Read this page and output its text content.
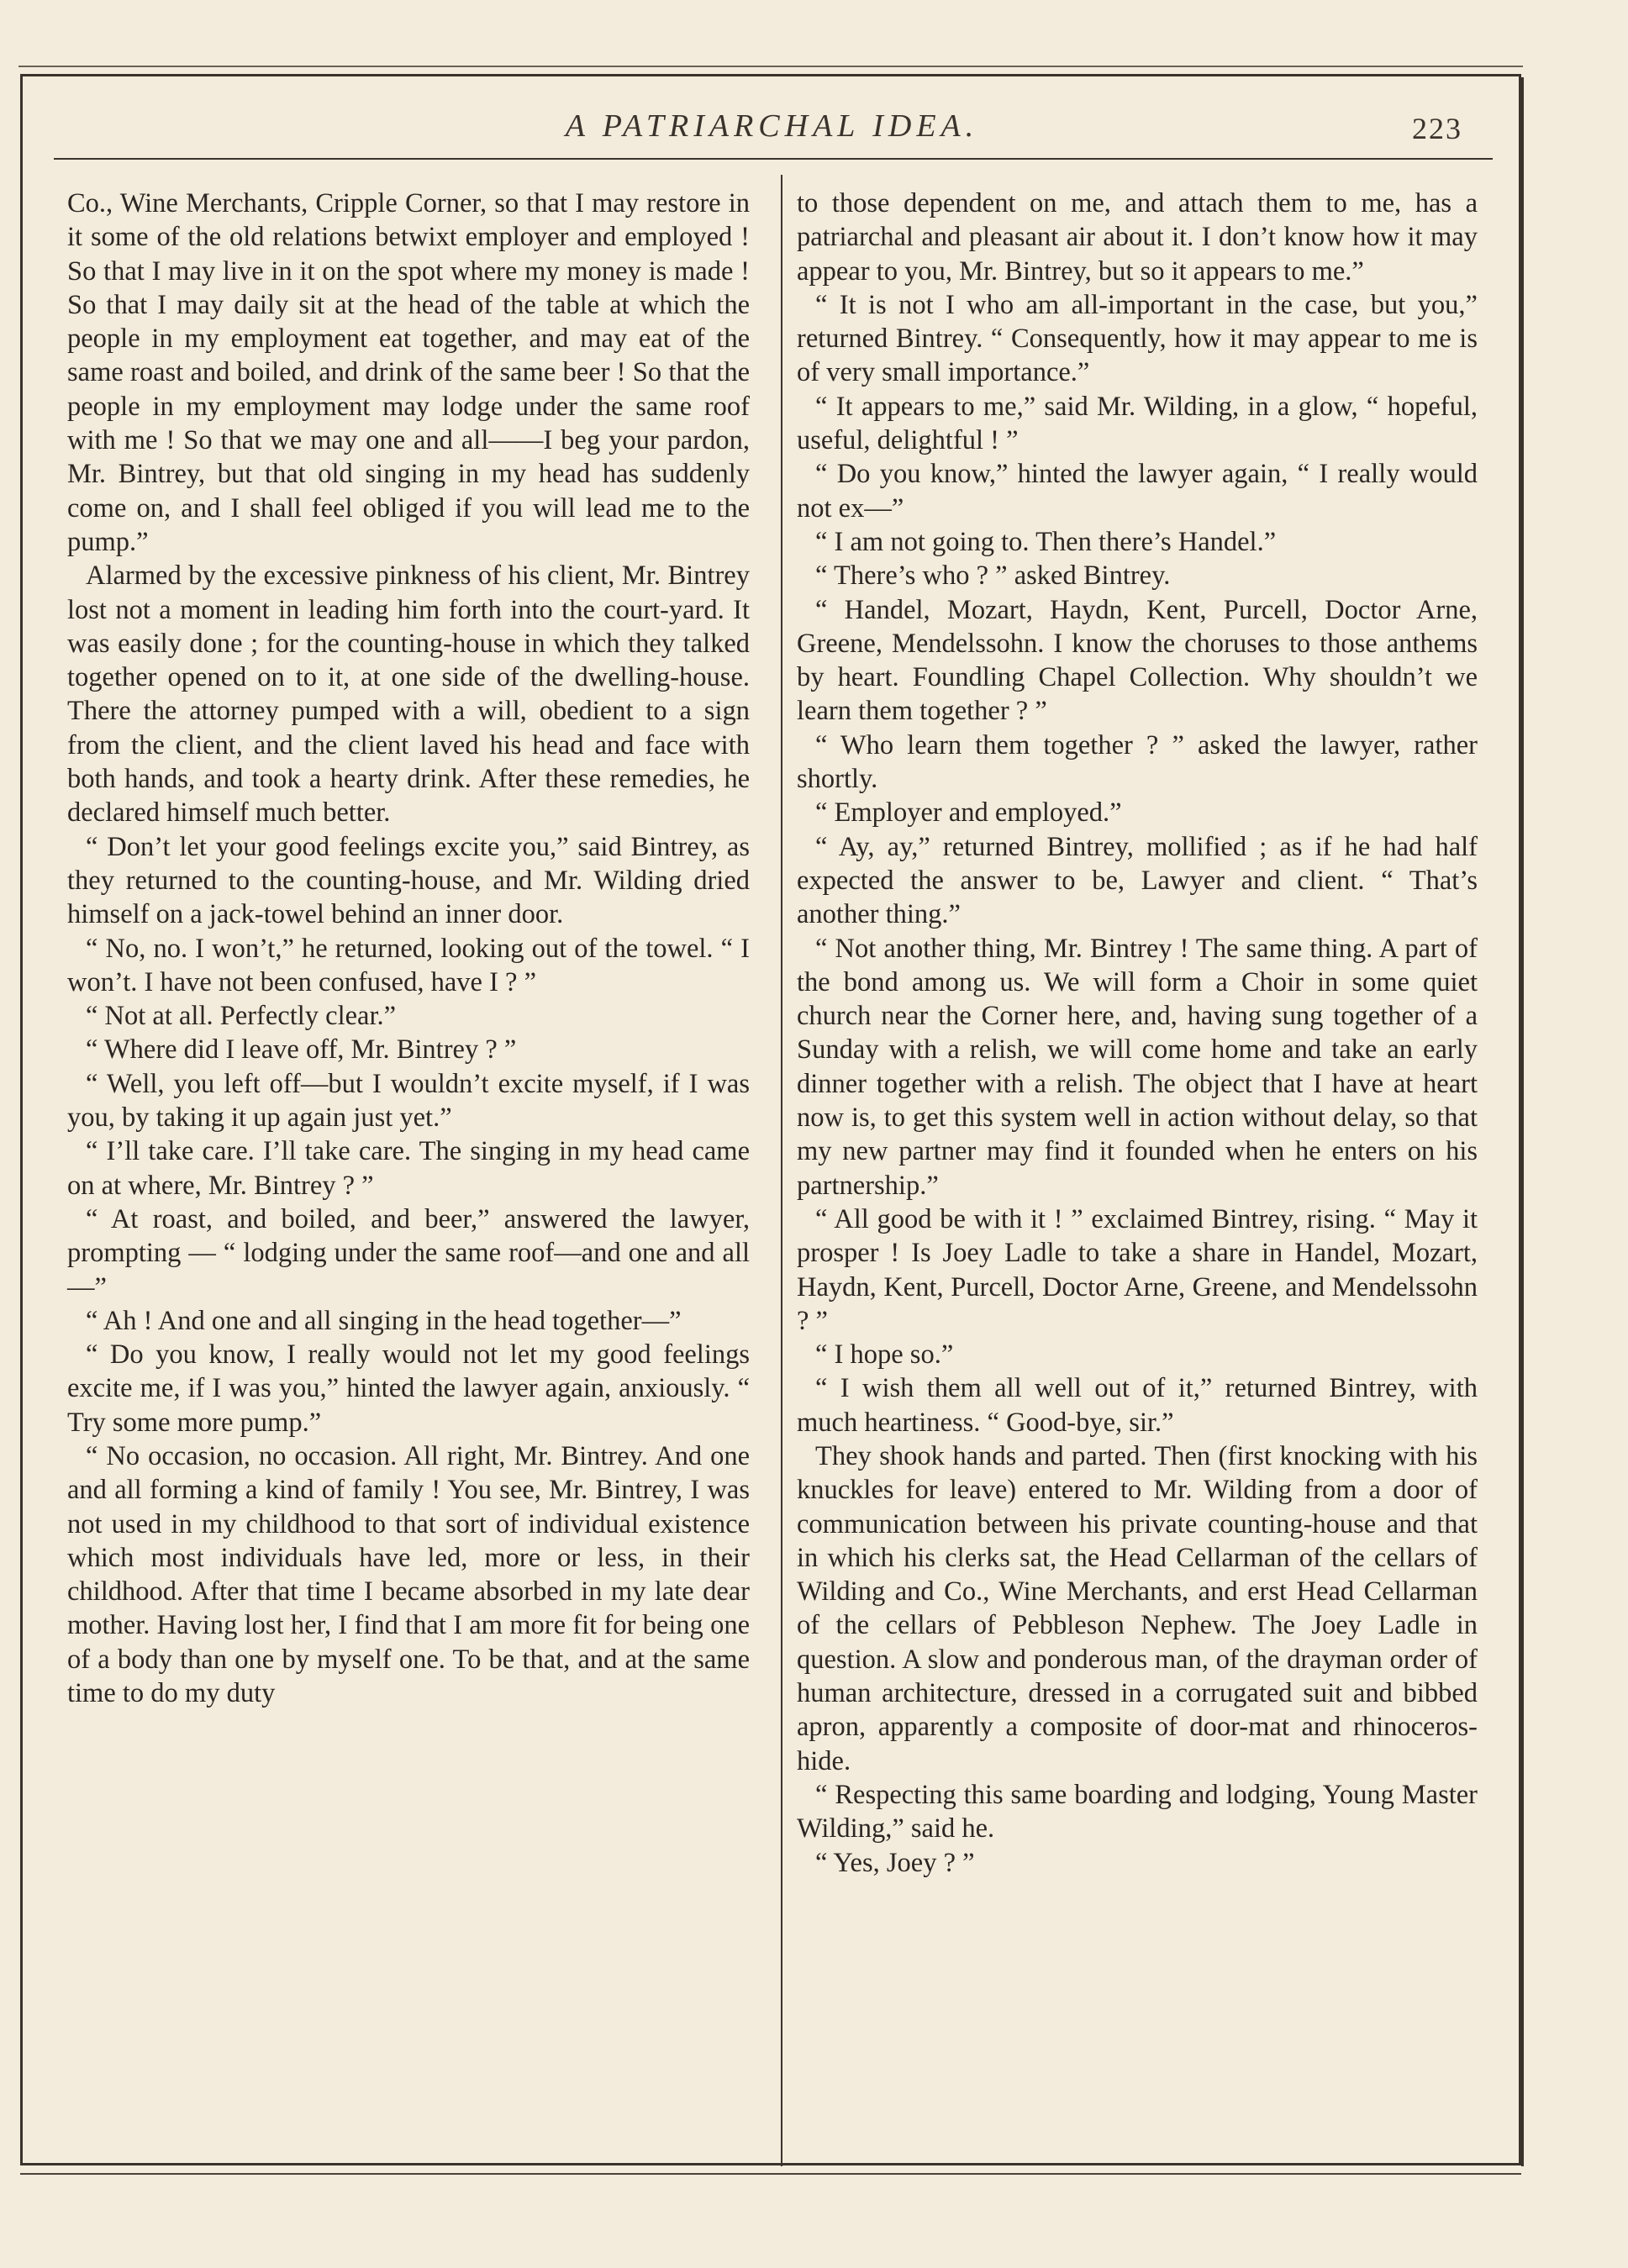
A PATRIARCHAL IDEA.	223

Co., Wine Merchants, Cripple Corner, so that I may restore in it some of the old relations betwixt employer and employed ! So that I may live in it on the spot where my money is made ! So that I may daily sit at the head of the table at which the people in my employment eat together, and may eat of the same roast and boiled, and drink of the same beer ! So that the people in my employment may lodge under the same roof with me ! So that we may one and all——I beg your pardon, Mr. Bintrey, but that old singing in my head has suddenly come on, and I shall feel obliged if you will lead me to the pump.”

Alarmed by the excessive pinkness of his client, Mr. Bintrey lost not a moment in leading him forth into the court-yard. It was easily done ; for the counting-house in which they talked together opened on to it, at one side of the dwelling-house. There the attorney pumped with a will, obedient to a sign from the client, and the client laved his head and face with both hands, and took a hearty drink. After these remedies, he declared himself much better.

“ Don’t let your good feelings excite you,” said Bintrey, as they returned to the counting-house, and Mr. Wilding dried himself on a jack-towel behind an inner door.

“ No, no. I won’t,” he returned, looking out of the towel. “ I won’t. I have not been confused, have I ? ”

“ Not at all. Perfectly clear.”

“ Where did I leave off, Mr. Bintrey ? ”

“ Well, you left off—but I wouldn’t excite myself, if I was you, by taking it up again just yet.”

“ I’ll take care. I’ll take care. The singing in my head came on at where, Mr. Bintrey ? ”

“ At roast, and boiled, and beer,” answered the lawyer, prompting — “ lodging under the same roof—and one and all—”

“ Ah ! And one and all singing in the head together—”

“ Do you know, I really would not let my good feelings excite me, if I was you,” hinted the lawyer again, anxiously. “ Try some more pump.”

“ No occasion, no occasion. All right, Mr. Bintrey. And one and all forming a kind of family ! You see, Mr. Bintrey, I was not used in my childhood to that sort of individual existence which most individuals have led, more or less, in their childhood. After that time I became absorbed in my late dear mother. Having lost her, I find that I am more fit for being one of a body than one by myself one. To be that, and at the same time to do my duty

to those dependent on me, and attach them to me, has a patriarchal and pleasant air about it. I don’t know how it may appear to you, Mr. Bintrey, but so it appears to me.”

“ It is not I who am all-important in the case, but you,” returned Bintrey. “ Consequently, how it may appear to me is of very small importance.”

“ It appears to me,” said Mr. Wilding, in a glow, “ hopeful, useful, delightful ! ”

“ Do you know,” hinted the lawyer again, “ I really would not ex—”

“ I am not going to. Then there’s Handel.”

“ There’s who ? ” asked Bintrey.

“ Handel, Mozart, Haydn, Kent, Purcell, Doctor Arne, Greene, Mendelssohn. I know the choruses to those anthems by heart. Foundling Chapel Collection. Why shouldn’t we learn them together ? ”

“ Who learn them together ? ” asked the lawyer, rather shortly.

“ Employer and employed.”

“ Ay, ay,” returned Bintrey, mollified ; as if he had half expected the answer to be, Lawyer and client. “ That’s another thing.”

“ Not another thing, Mr. Bintrey ! The same thing. A part of the bond among us. We will form a Choir in some quiet church near the Corner here, and, having sung together of a Sunday with a relish, we will come home and take an early dinner together with a relish. The object that I have at heart now is, to get this system well in action without delay, so that my new partner may find it founded when he enters on his partnership.”

“ All good be with it ! ” exclaimed Bintrey, rising. “ May it prosper ! Is Joey Ladle to take a share in Handel, Mozart, Haydn, Kent, Purcell, Doctor Arne, Greene, and Mendelssohn ? ”

“ I hope so.”

“ I wish them all well out of it,” returned Bintrey, with much heartiness. “ Good-bye, sir.”

They shook hands and parted. Then (first knocking with his knuckles for leave) entered to Mr. Wilding from a door of communication between his private counting-house and that in which his clerks sat, the Head Cellarman of the cellars of Wilding and Co., Wine Merchants, and erst Head Cellarman of the cellars of Pebbleson Nephew. The Joey Ladle in question. A slow and ponderous man, of the drayman order of human architecture, dressed in a corrugated suit and bibbed apron, apparently a composite of door-mat and rhinoceros-hide.

“ Respecting this same boarding and lodging, Young Master Wilding,” said he.

“ Yes, Joey ? ”
